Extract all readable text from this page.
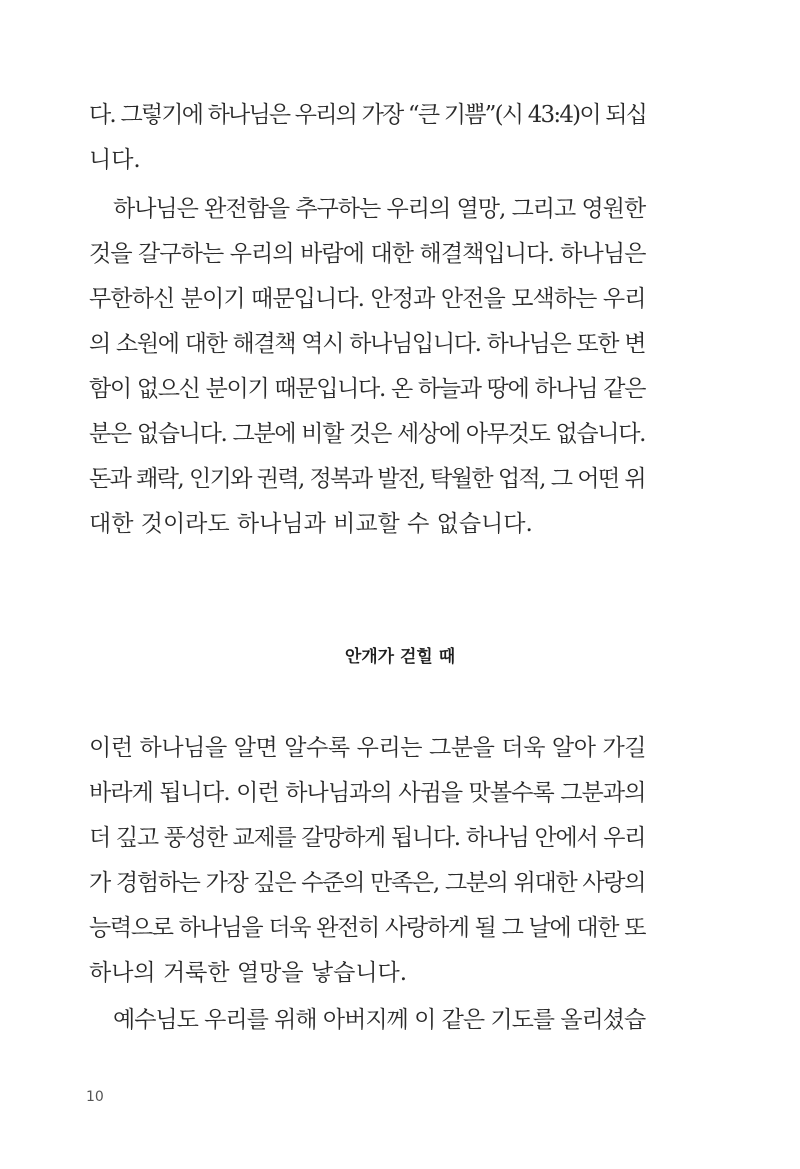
다. 그렇기에 하나님은 우리의 가장 “큰 기쁨”(시 43:4)이 되십
니다.
하나님은 완전함을 추구하는 우리의 열망, 그리고 영원한
것을 갈구하는 우리의 바람에 대한 해결책입니다. 하나님은
무한하신 분이기 때문입니다. 안정과 안전을 모색하는 우리
의 소원에 대한 해결책 역시 하나님입니다. 하나님은 또한 변
함이 없으신 분이기 때문입니다. 온 하늘과 땅에 하나님 같은
분은 없습니다. 그분에 비할 것은 세상에 아무것도 없습니다.
돈과 쾌락, 인기와 권력, 정복과 발전, 탁월한 업적, 그 어떤 위
대한 것이라도 하나님과 비교할 수 없습니다.
안개가 걷힐 때
이런 하나님을 알면 알수록 우리는 그분을 더욱 알아 가길
바라게 됩니다. 이런 하나님과의 사귐을 맛볼수록 그분과의
더 깊고 풍성한 교제를 갈망하게 됩니다. 하나님 안에서 우리
가 경험하는 가장 깊은 수준의 만족은, 그분의 위대한 사랑의
능력으로 하나님을 더욱 완전히 사랑하게 될 그 날에 대한 또
하나의 거룩한 열망을 낳습니다.
예수님도 우리를 위해 아버지께 이 같은 기도를 올리셨습
10
